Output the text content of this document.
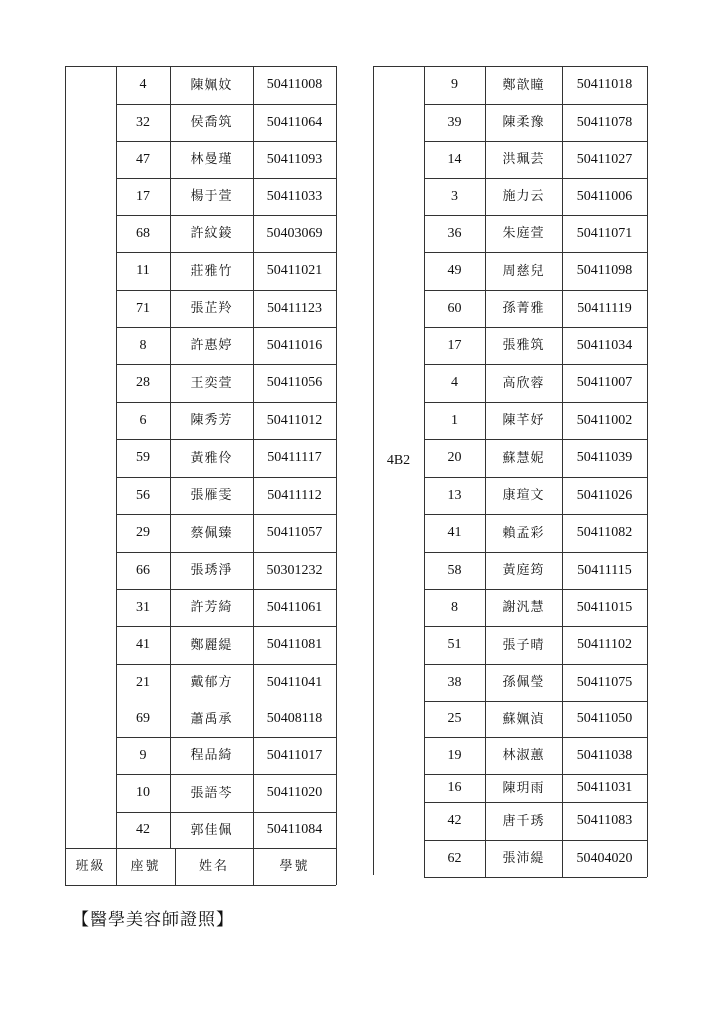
4	陳姵妏	50411008
32	侯喬筑	50411064
47	林曼瑾	50411093
17	楊于萱	50411033
68	許紋錂	50403069
11	莊雅竹	50411021
71	張芷羚	50411123
8	許惠婷	50411016
28	王奕萱	50411056
6	陳秀芳	50411012
59	黃雅伶	50411117
56	張雁雯	50411112
29	蔡佩臻	50411057
66	張琇淨	50301232
31	許芳綺	50411061
41	鄭麗緹	50411081
21	戴郁方	50411041
69	蕭禹承	50408118
9	程品綺	50411017
10	張語芩	50411020
42	郭佳佩	50411084
班級	座號	姓名	學號
4B2
9	鄭歆瞳	50411018
39	陳柔豫	50411078
14	洪珮芸	50411027
3	施力云	50411006
36	朱庭萱	50411071
49	周慈兒	50411098
60	孫菁雅	50411119
17	張雅筑	50411034
4	高欣蓉	50411007
1	陳芊妤	50411002
20	蘇慧妮	50411039
13	康瑄文	50411026
41	賴孟彩	50411082
58	黃庭筠	50411115
8	謝汎慧	50411015
51	張子晴	50411102
38	孫佩瑩	50411075
25	蘇姵湞	50411050
19	林淑蕙	50411038
16	陳玥雨	50411031
42	唐千琇	50411083
62	張沛緹	50404020
【醫學美容師證照】
